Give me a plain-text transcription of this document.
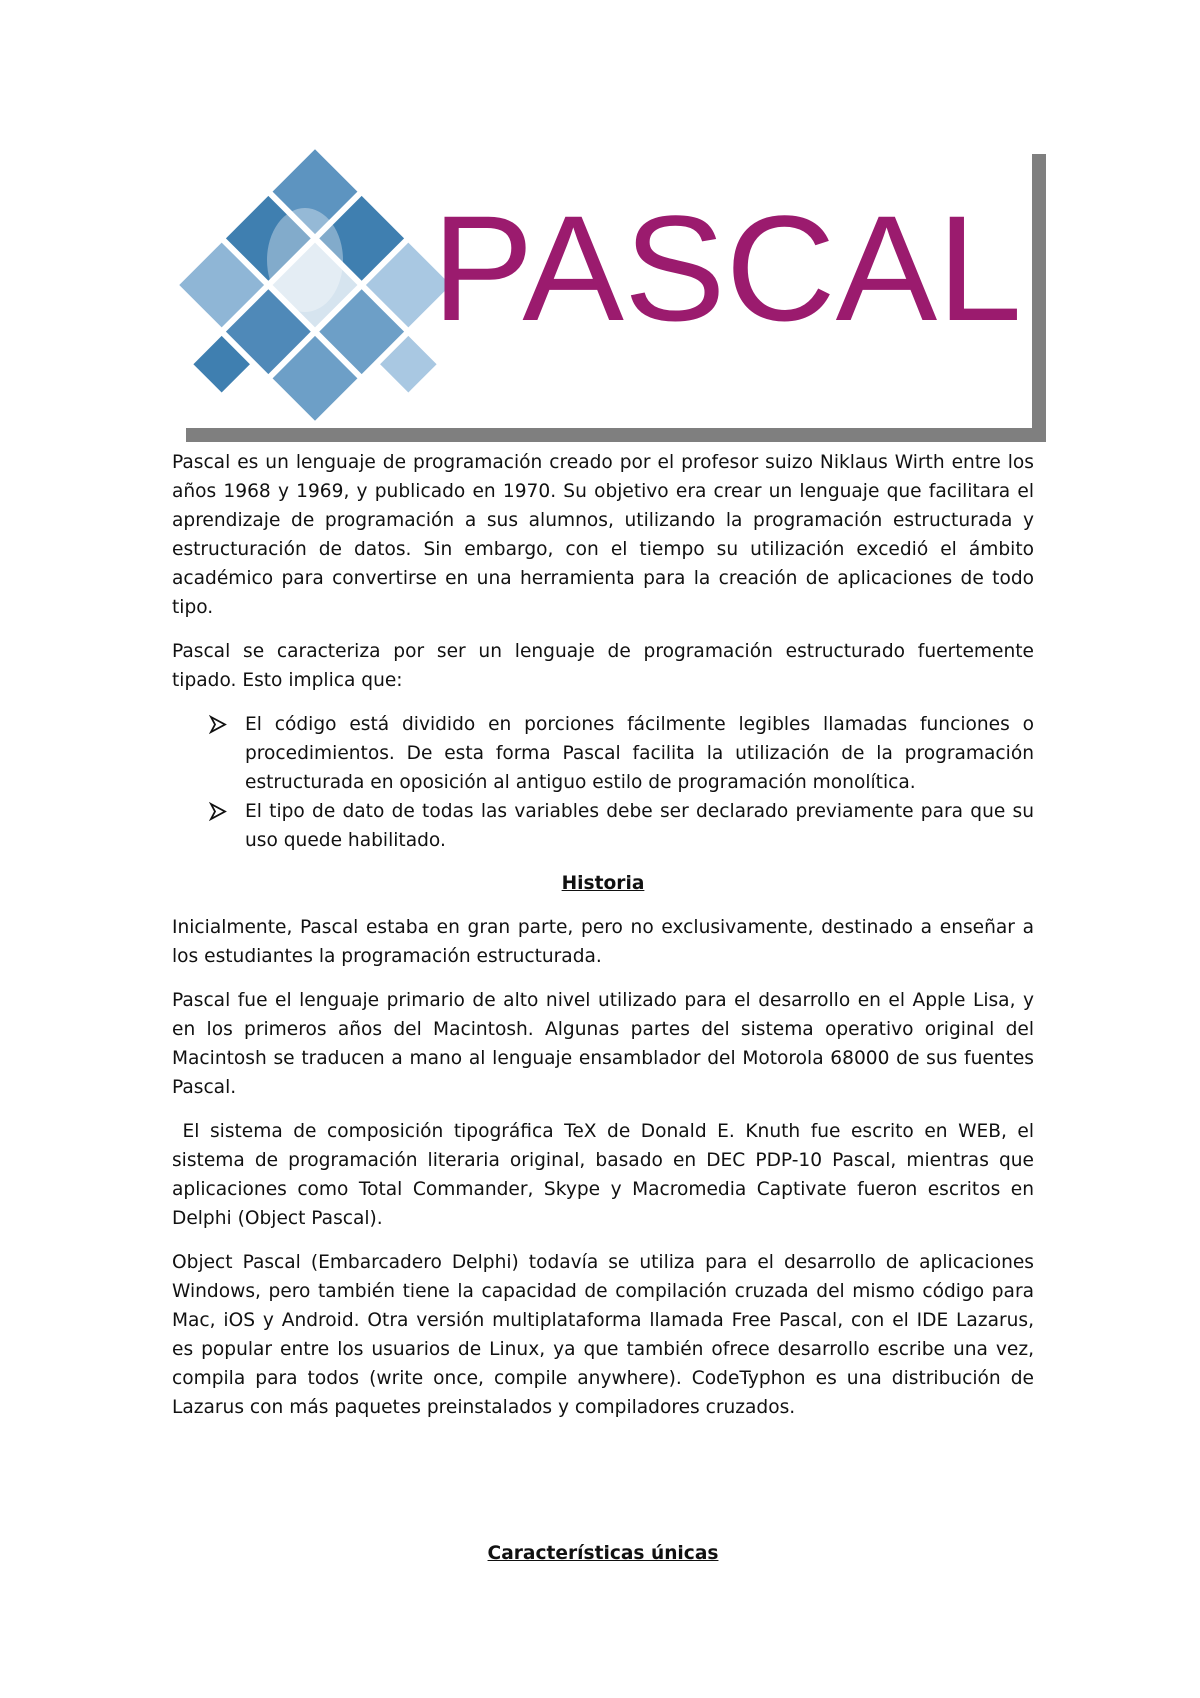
PASCAL

Pascal es un lenguaje de programación creado por el profesor suizo Niklaus Wirth entre los años 1968 y 1969, y publicado en 1970. Su objetivo era crear un lenguaje que facilitara el aprendizaje de programación a sus alumnos, utilizando la programación estructurada y estructuración de datos. Sin embargo, con el tiempo su utilización excedió el ámbito académico para convertirse en una herramienta para la creación de aplicaciones de todo tipo.

Pascal se caracteriza por ser un lenguaje de programación estructurado fuertemente tipado. Esto implica que:

El código está dividido en porciones fácilmente legibles llamadas funciones o procedimientos. De esta forma Pascal facilita la utilización de la programación estructurada en oposición al antiguo estilo de programación monolítica.
El tipo de dato de todas las variables debe ser declarado previamente para que su uso quede habilitado.
Historia

Inicialmente, Pascal estaba en gran parte, pero no exclusivamente, destinado a enseñar a los estudiantes la programación estructurada.

Pascal fue el lenguaje primario de alto nivel utilizado para el desarrollo en el Apple Lisa, y en los primeros años del Macintosh. Algunas partes del sistema operativo original del Macintosh se traducen a mano al lenguaje ensamblador del Motorola 68000 de sus fuentes Pascal.

El sistema de composición tipográfica TeX de Donald E. Knuth fue escrito en WEB, el sistema de programación literaria original, basado en DEC PDP-10 Pascal, mientras que aplicaciones como Total Commander, Skype y Macromedia Captivate fueron escritos en Delphi (Object Pascal).

Object Pascal (Embarcadero Delphi) todavía se utiliza para el desarrollo de aplicaciones Windows, pero también tiene la capacidad de compilación cruzada del mismo código para Mac, iOS y Android. Otra versión multiplataforma llamada Free Pascal, con el IDE Lazarus, es popular entre los usuarios de Linux, ya que también ofrece desarrollo escribe una vez, compila para todos (write once, compile anywhere). CodeTyphon es una distribución de Lazarus con más paquetes preinstalados y compiladores cruzados.

Características únicas
